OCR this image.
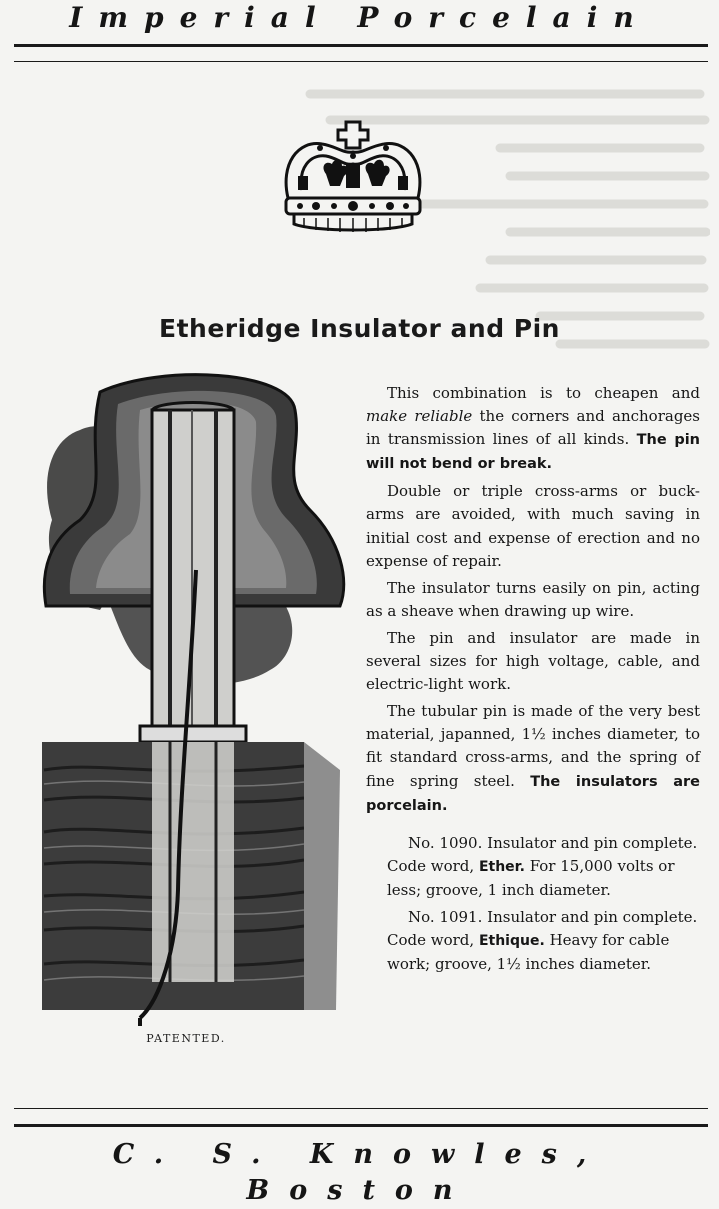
Imperial Porcelain
Etheridge Insulator and Pin
PATENTED.

This combination is to cheapen and make reliable the corners and anchorages in transmission lines of all kinds. The pin will not bend or break.

Double or triple cross-arms or buck-arms are avoided, with much saving in initial cost and expense of erection and no expense of repair.

The insulator turns easily on pin, acting as a sheave when drawing up wire.

The pin and insulator are made in several sizes for high voltage, cable, and electric-light work.

The tubular pin is made of the very best material, japanned, 1½ inches diameter, to fit standard cross-arms, and the spring of fine spring steel. The insulators are porcelain.

No. 1090. Insulator and pin complete. Code word, Ether. For 15,000 volts or less; groove, 1 inch diameter.

No. 1091. Insulator and pin complete. Code word, Ethique. Heavy for cable work; groove, 1½ inches diameter.

C. S. Knowles, Boston
